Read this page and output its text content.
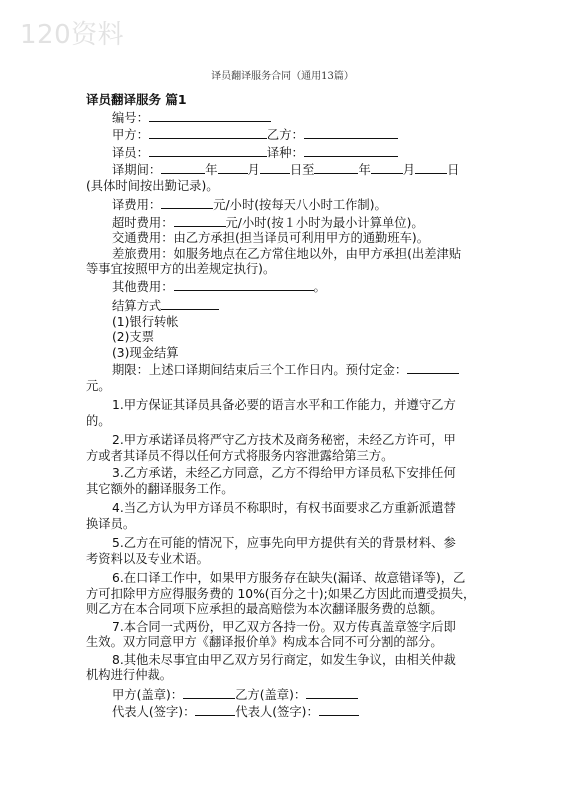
120资料
译员翻译服务合同（通用13篇）
译员翻译服务 篇1
编号：
甲方：	乙方：
译员：	译种：
译期间：	年 月 日至	年	月	日
(具体时间按出勤记录)。
译费用：	元/小时(按每天八小时工作制)。
超时费用：	元/小时(按１小时为最小计算单位)。
交通费用：由乙方承担(担当译员可利用甲方的通勤班车)。
差旅费用：如服务地点在乙方常住地以外，由甲方承担(出差津贴
等事宜按照甲方的出差规定执行)。
其他费用：	。
结算方式
(1)银行转帐
(2)支票
(3)现金结算
期限：上述口译期间结束后三个工作日内。预付定金：
元。
1.甲方保证其译员具备必要的语言水平和工作能力，并遵守乙方
的。
2.甲方承诺译员将严守乙方技术及商务秘密，未经乙方许可，甲
方或者其译员不得以任何方式将服务内容泄露给第三方。
3.乙方承诺，未经乙方同意，乙方不得给甲方译员私下安排任何
其它额外的翻译服务工作。
4.当乙方认为甲方译员不称职时，有权书面要求乙方重新派遣替
换译员。
5.乙方在可能的情况下，应事先向甲方提供有关的背景材料、参
考资料以及专业术语。
6.在口译工作中，如果甲方服务存在缺失(漏译、故意错译等)，乙
方可扣除甲方应得服务费的 10%(百分之十);如果乙方因此而遭受损失，
则乙方在本合同项下应承担的最高赔偿为本次翻译服务费的总额。
7.本合同一式两份，甲乙双方各持一份。双方传真盖章签字后即
生效。双方同意甲方《翻译报价单》构成本合同不可分割的部分。
8.其他未尽事宜由甲乙双方另行商定，如发生争议，由相关仲裁
机构进行仲裁。
甲方(盖章)：	乙方(盖章)：
代表人(签字)：	代表人(签字)：
